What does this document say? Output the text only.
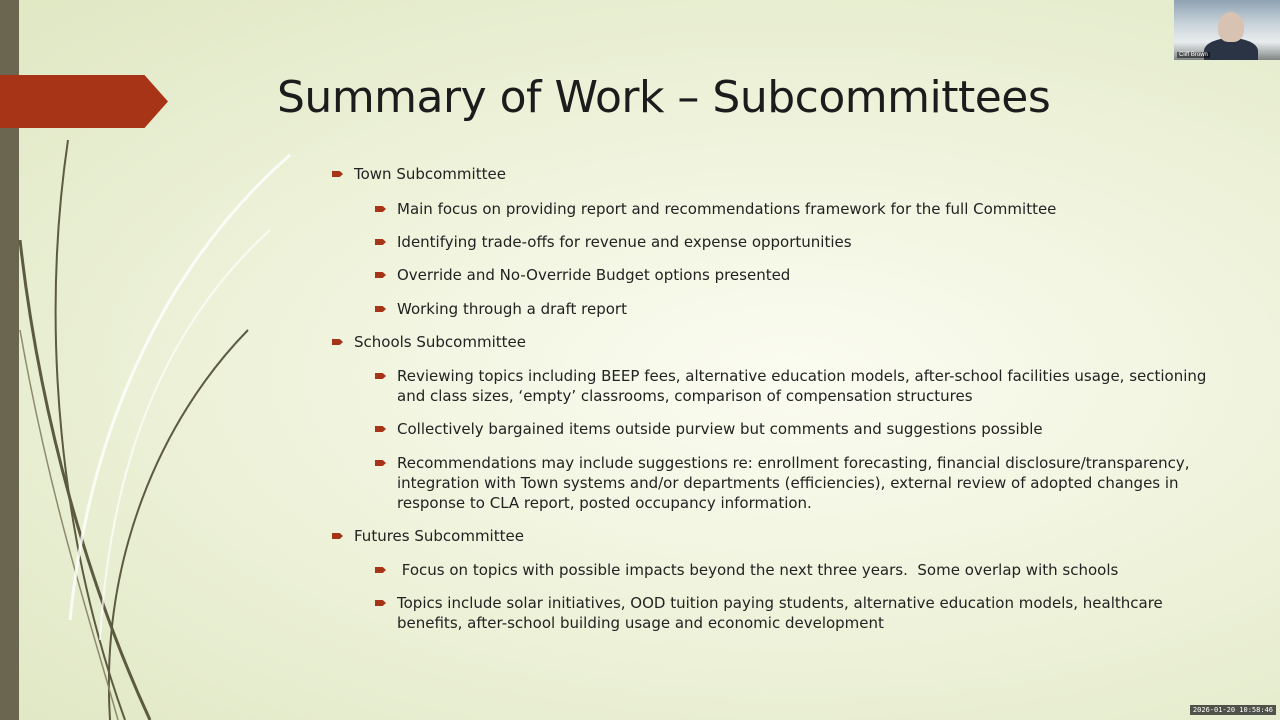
Summary of Work – Subcommittees
Town Subcommittee
Main focus on providing report and recommendations framework for the full Committee
Identifying trade-offs for revenue and expense opportunities
Override and No-Override Budget options presented
Working through a draft report
Schools Subcommittee
Reviewing topics including BEEP fees, alternative education models, after-school facilities usage, sectioning and class sizes, ‘empty’ classrooms, comparison of compensation structures
Collectively bargained items outside purview but comments and suggestions possible
Recommendations may include suggestions re: enrollment forecasting, financial disclosure/transparency, integration with Town systems and/or departments (efficiencies), external review of adopted changes in response to CLA report, posted occupancy information.
Futures Subcommittee
Focus on topics with possible impacts beyond the next three years.  Some overlap with schools
Topics include solar initiatives, OOD tuition paying students, alternative education models, healthcare benefits, after-school building usage and economic development
Cliff Brown
2026-01-20 10:58:46
